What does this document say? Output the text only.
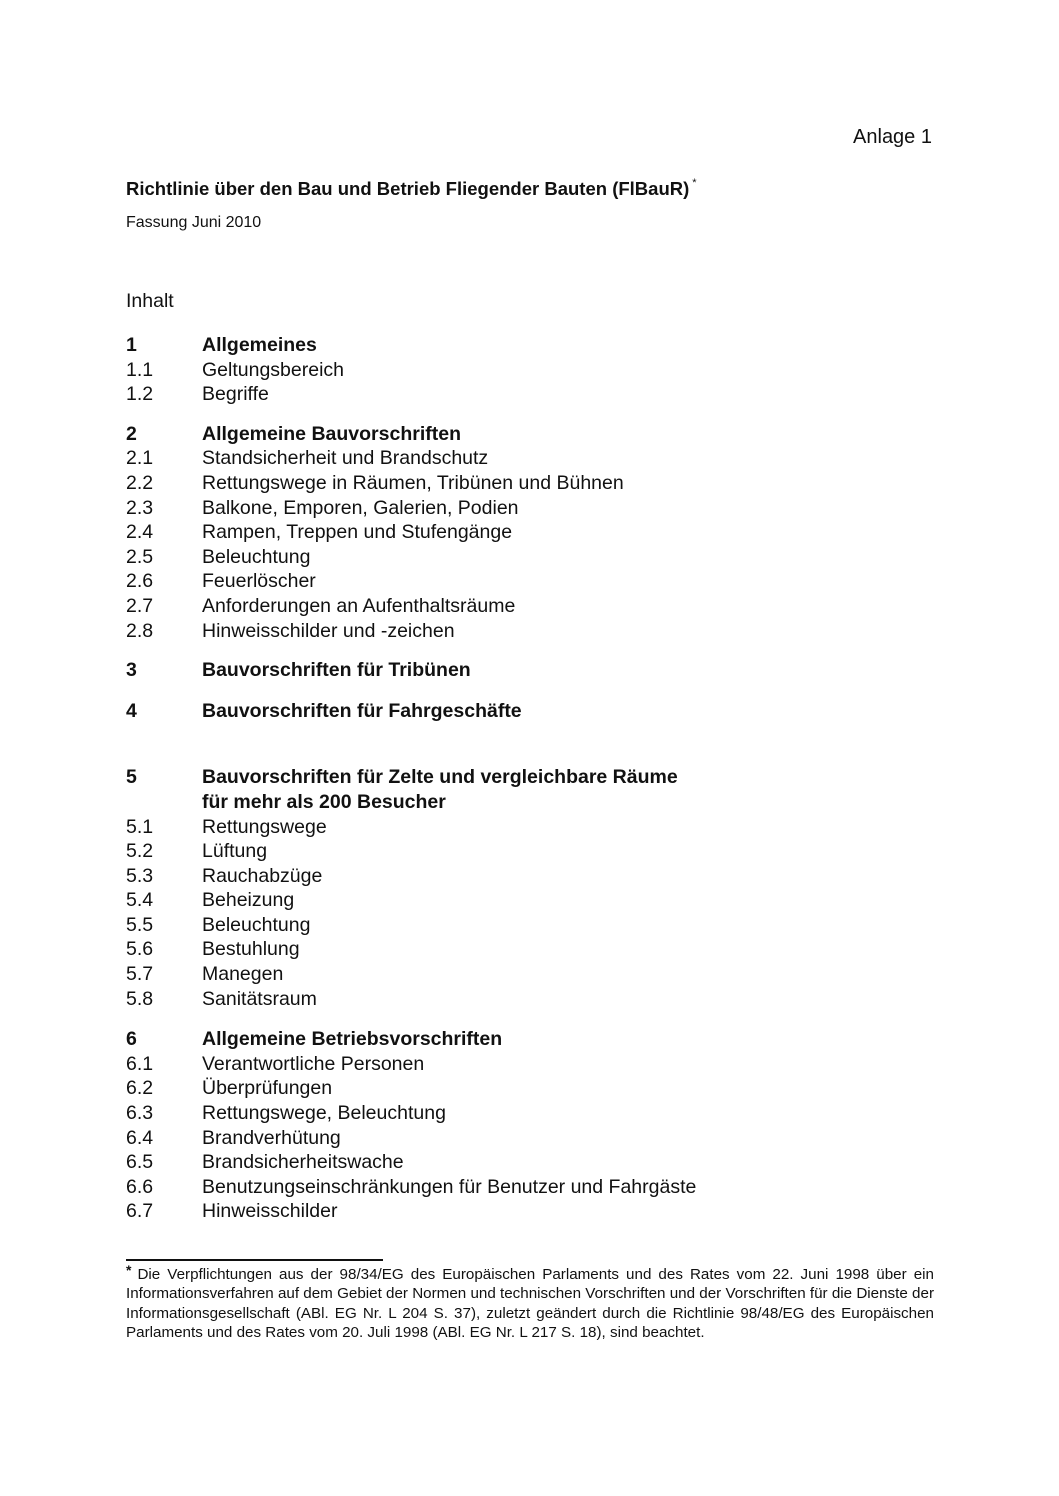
Anlage 1
Richtlinie über den Bau und Betrieb Fliegender Bauten (FlBauR) *
Fassung Juni 2010
Inhalt
1	Allgemeines
1.1	Geltungsbereich
1.2	Begriffe
2	Allgemeine Bauvorschriften
2.1	Standsicherheit und Brandschutz
2.2	Rettungswege in Räumen, Tribünen und Bühnen
2.3	Balkone, Emporen, Galerien, Podien
2.4	Rampen, Treppen und Stufengänge
2.5	Beleuchtung
2.6	Feuerlöscher
2.7	Anforderungen an Aufenthaltsräume
2.8	Hinweisschilder und -zeichen
3	Bauvorschriften für Tribünen
4	Bauvorschriften für Fahrgeschäfte
5	Bauvorschriften für Zelte und vergleichbare Räume
für mehr als 200 Besucher
5.1	Rettungswege
5.2	Lüftung
5.3	Rauchabzüge
5.4	Beheizung
5.5	Beleuchtung
5.6	Bestuhlung
5.7	Manegen
5.8	Sanitätsraum
6	Allgemeine Betriebsvorschriften
6.1	Verantwortliche Personen
6.2	Überprüfungen
6.3	Rettungswege, Beleuchtung
6.4	Brandverhütung
6.5	Brandsicherheitswache
6.6	Benutzungseinschränkungen für Benutzer und Fahrgäste
6.7	Hinweisschilder
* Die Verpflichtungen aus der 98/34/EG des Europäischen Parlaments und des Rates vom 22. Juni 1998 über ein Informationsverfahren auf dem Gebiet der Normen und technischen Vorschriften und der Vorschriften für die Dienste der Informationsgesellschaft (ABl. EG Nr. L 204 S. 37), zuletzt geändert durch die Richtlinie 98/48/EG des Europäischen Parlaments und des Rates vom 20. Juli 1998 (ABl. EG Nr. L 217 S. 18), sind beachtet.
